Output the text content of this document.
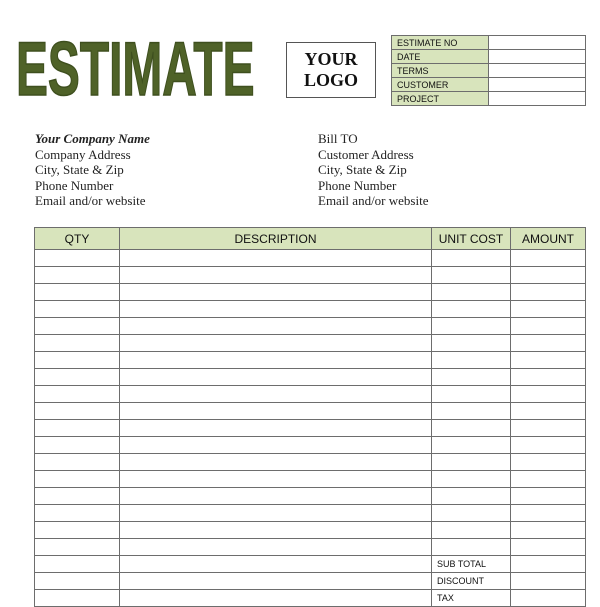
ESTIMATE	YOUR
LOGO
ESTIMATE NO	
DATE	
TERMS	
CUSTOMER	
PROJECT	
Your Company Name
Company Address
City, State & Zip
Phone Number
Email and/or website
Bill TO
Customer Address
City, State & Zip
Phone Number
Email and/or website
QTY	DESCRIPTION	UNIT COST	AMOUNT

		SUB TOTAL	
		DISCOUNT	
		TAX	
